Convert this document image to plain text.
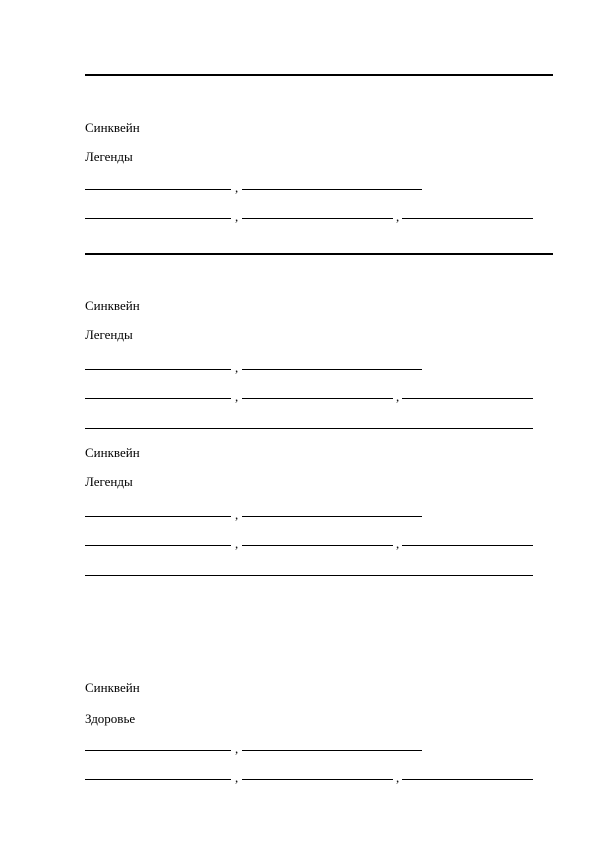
Синквейн
Легенды
,
,	,
Синквейн
Легенды
,
,	,
Синквейн
Легенды
,
,	,
Синквейн
Здоровье
,
,	,
